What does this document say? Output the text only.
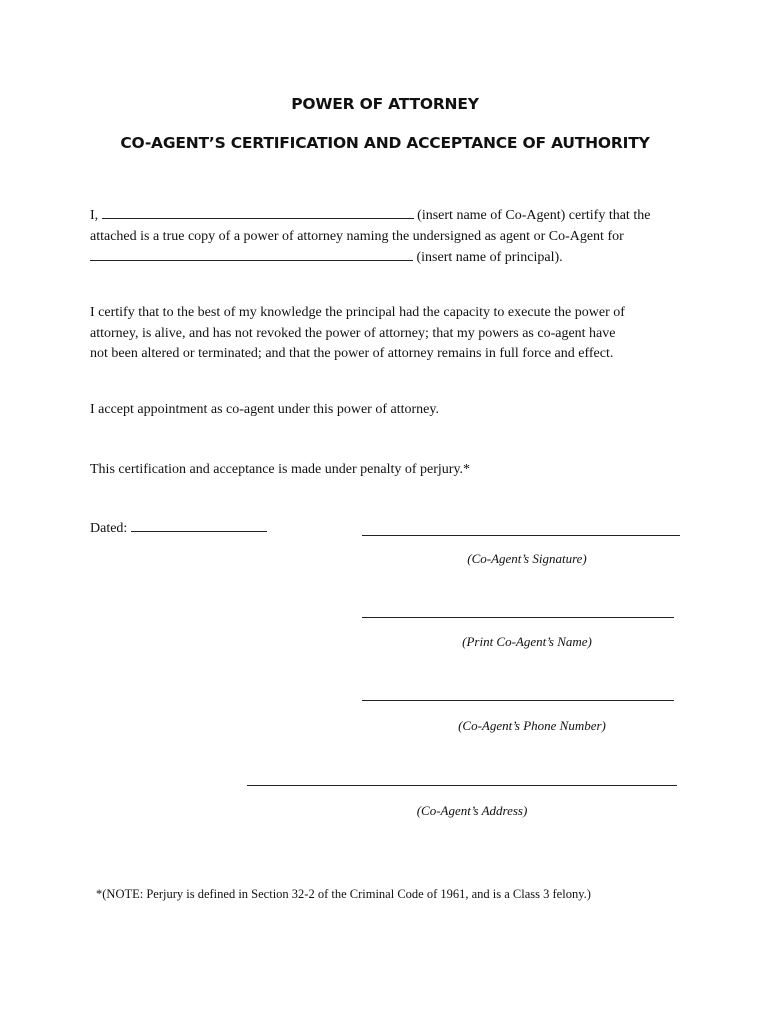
POWER OF ATTORNEY
CO-AGENT’S CERTIFICATION AND ACCEPTANCE OF AUTHORITY
I,	(insert name of Co-Agent) certify that the
attached is a true copy of a power of attorney naming the undersigned as agent or Co-Agent for
(insert name of principal).
I certify that to the best of my knowledge the principal had the capacity to execute the power of
attorney, is alive, and has not revoked the power of attorney; that my powers as co-agent have
not been altered or terminated; and that the power of attorney remains in full force and effect.
I accept appointment as co-agent under this power of attorney.
This certification and acceptance is made under penalty of perjury.*
Dated:
(Co-Agent’s Signature)
(Print Co-Agent’s Name)
(Co-Agent’s Phone Number)
(Co-Agent’s Address)
*(NOTE: Perjury is defined in Section 32-2 of the Criminal Code of 1961, and is a Class 3 felony.)
